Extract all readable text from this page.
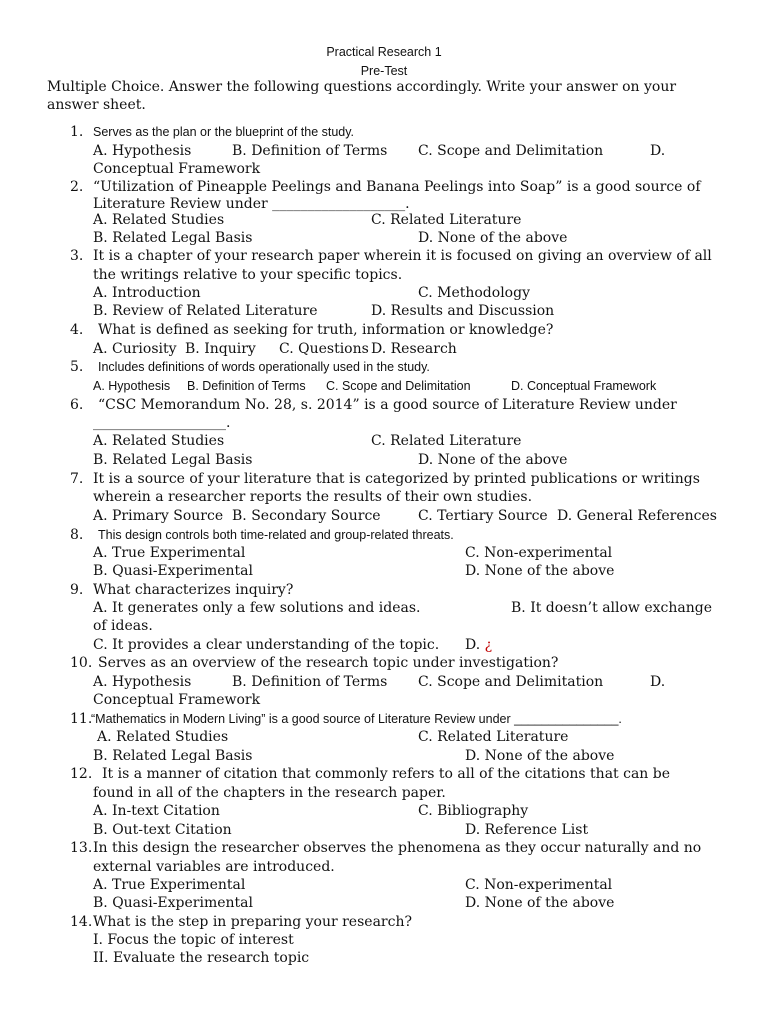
Practical Research 1
Pre-Test
Multiple Choice. Answer the following questions accordingly. Write your answer on your
answer sheet.
1. Serves as the plan or the blueprint of the study.
A. Hypothesis	B. Definition of Terms C. Scope and Delimitation	D.
Conceptual Framework
2. “Utilization of Pineapple Peelings and Banana Peelings into Soap” is a good source of
Literature Review under ___________________.
A. Related Studies	C. Related Literature
B. Related Legal Basis	D. None of the above
3. It is a chapter of your research paper wherein it is focused on giving an overview of all
the writings relative to your specific topics.
A. Introduction	C. Methodology
B. Review of Related Literature	D. Results and Discussion
4. What is defined as seeking for truth, information or knowledge?
A. Curiosity B. Inquiry C. Questions D. Research
5. Includes definitions of words operationally used in the study.
A. Hypothesis B. Definition of Terms C. Scope and Delimitation	D. Conceptual Framework
6. “CSC Memorandum No. 28, s. 2014” is a good source of Literature Review under
___________________.
A. Related Studies	C. Related Literature
B. Related Legal Basis	D. None of the above
7. It is a source of your literature that is categorized by printed publications or writings
wherein a researcher reports the results of their own studies.
A. Primary Source B. Secondary Source	C. Tertiary Source D. General References
8. This design controls both time-related and group-related threats.
A. True Experimental	C. Non-experimental
B. Quasi-Experimental	D. None of the above
9. What characterizes inquiry?
A. It generates only a few solutions and ideas.	B. It doesn’t allow exchange
of ideas.
C. It provides a clear understanding of the topic. D. ¿
10. Serves as an overview of the research topic under investigation?
A. Hypothesis	B. Definition of Terms C. Scope and Delimitation	D.
Conceptual Framework
11.
“Mathematics in Modern Living” is a good source of Literature Review under _______________.
A. Related Studies	C. Related Literature
B. Related Legal Basis	D. None of the above
12. It is a manner of citation that commonly refers to all of the citations that can be
found in all of the chapters in the research paper.
A. In-text Citation	C. Bibliography
B. Out-text Citation	D. Reference List
13. In this design the researcher observes the phenomena as they occur naturally and no
external variables are introduced.
A. True Experimental	C. Non-experimental
B. Quasi-Experimental	D. None of the above
14. What is the step in preparing your research?
I. Focus the topic of interest
II. Evaluate the research topic
